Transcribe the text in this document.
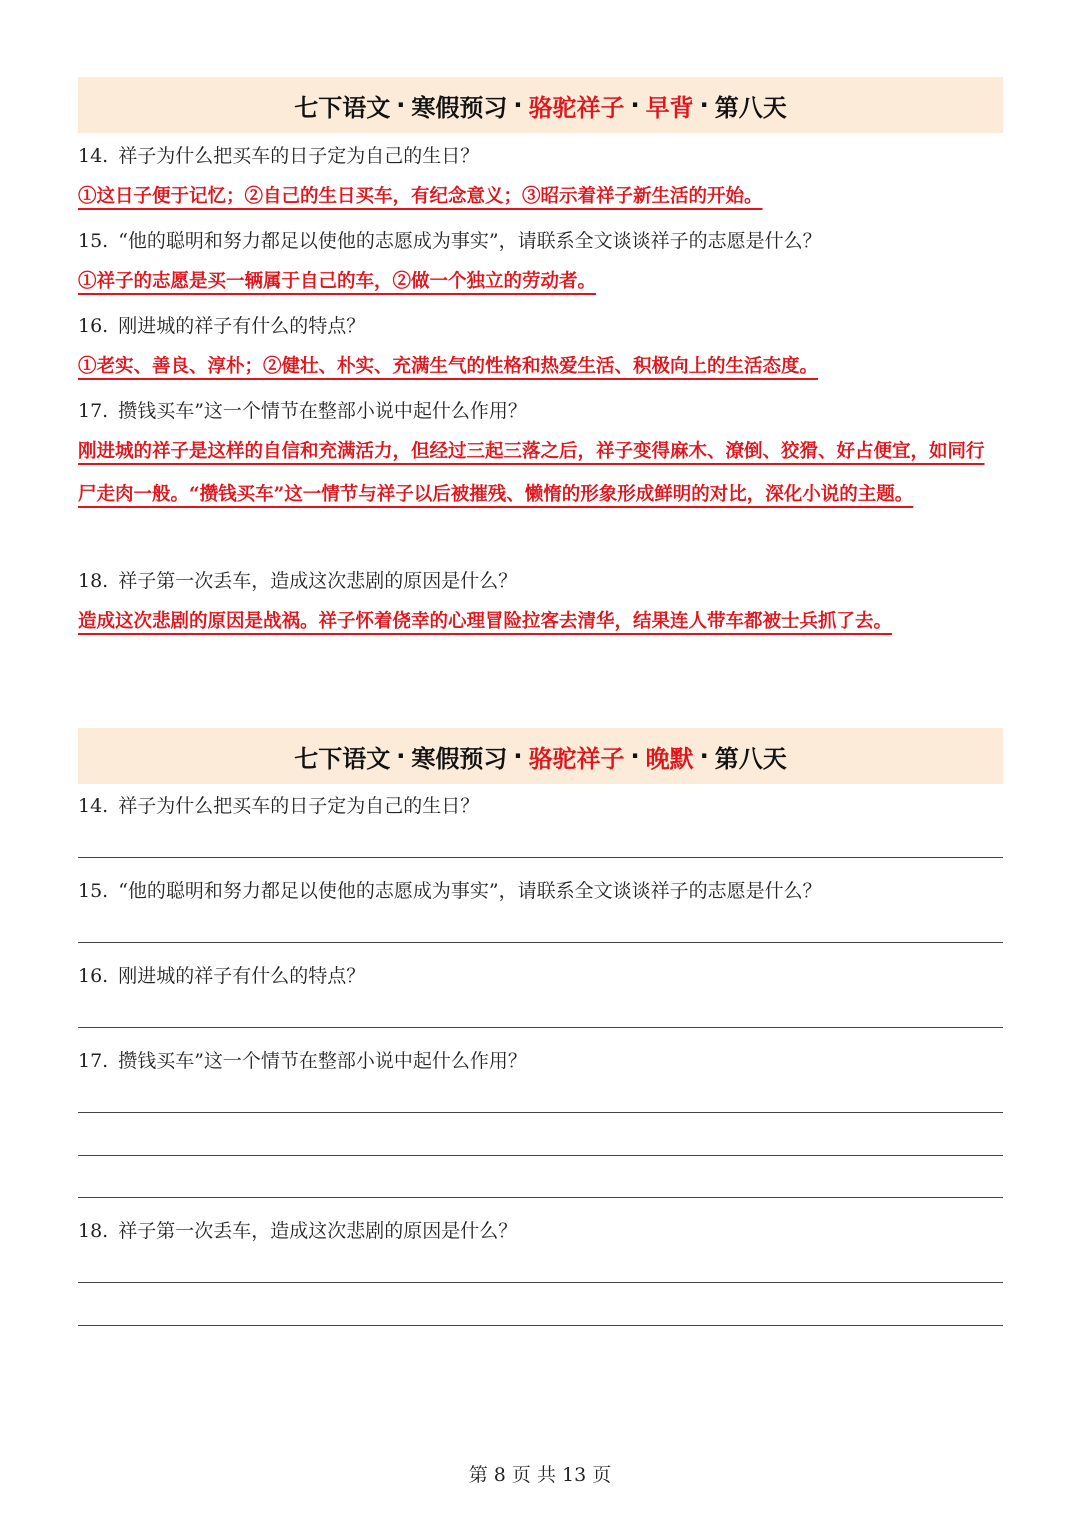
七下语文 · 寒假预习 · 骆驼祥子 · 早背 · 第八天
14. 祥子为什么把买车的日子定为自己的生日？
①这日子便于记忆；②自己的生日买车，有纪念意义；③昭示着祥子新生活的开始。
15. “他的聪明和努力都足以使他的志愿成为事实”，请联系全文谈谈祥子的志愿是什么？
①祥子的志愿是买一辆属于自己的车，②做一个独立的劳动者。
16. 刚进城的祥子有什么的特点？
①老实、善良、淳朴；②健壮、朴实、充满生气的性格和热爱生活、积极向上的生活态度。
17. 攒钱买车”这一个情节在整部小说中起什么作用？
刚进城的祥子是这样的自信和充满活力，但经过三起三落之后，祥子变得麻木、潦倒、狡猾、好占便宜，如同行尸走肉一般。“攒钱买车”这一情节与祥子以后被摧残、懒惰的形象形成鲜明的对比，深化小说的主题。
18. 祥子第一次丢车，造成这次悲剧的原因是什么？
造成这次悲剧的原因是战祸。祥子怀着侥幸的心理冒险拉客去清华，结果连人带车都被士兵抓了去。
七下语文 · 寒假预习 · 骆驼祥子 · 晚默 · 第八天
14. 祥子为什么把买车的日子定为自己的生日？
15. “他的聪明和努力都足以使他的志愿成为事实”，请联系全文谈谈祥子的志愿是什么？
16. 刚进城的祥子有什么的特点？
17. 攒钱买车”这一个情节在整部小说中起什么作用？
18. 祥子第一次丢车，造成这次悲剧的原因是什么？
第 8 页 共 13 页
